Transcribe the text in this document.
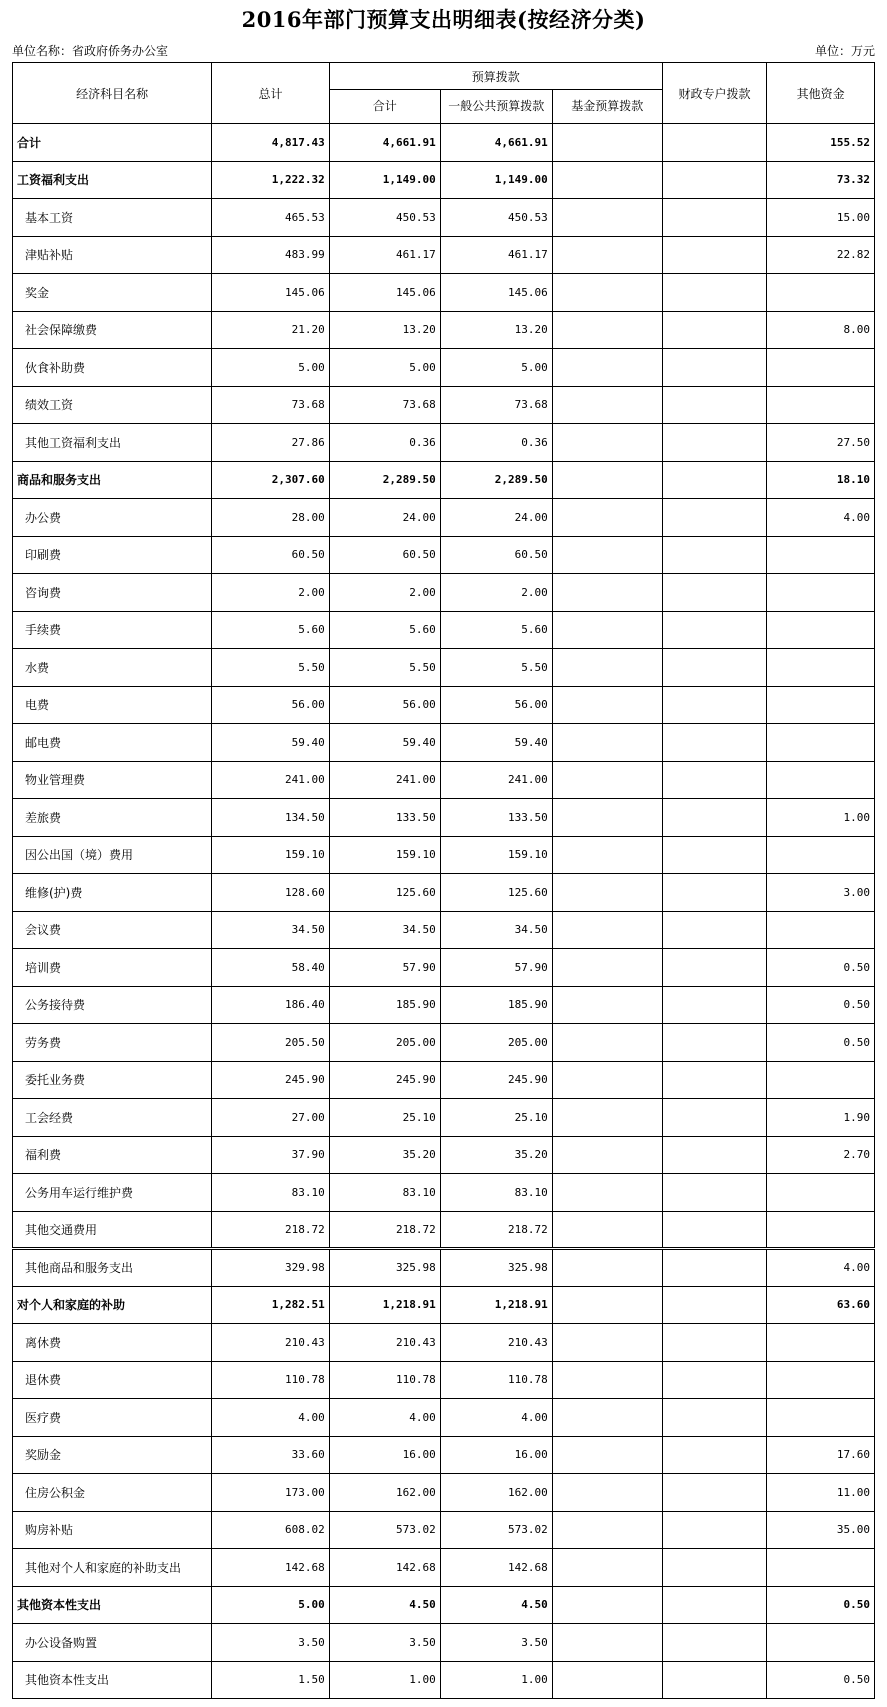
2016年部门预算支出明细表(按经济分类)
单位名称：省政府侨务办公室	单位：万元
经济科目名称	总计	预算拨款			财政专户拨款	其他资金
		合计	一般公共预算拨款	基金预算拨款		
合计	4,817.43	4,661.91	4,661.91			155.52
工资福利支出	1,222.32	1,149.00	1,149.00			73.32
基本工资	465.53	450.53	450.53			15.00
津贴补贴	483.99	461.17	461.17			22.82
奖金	145.06	145.06	145.06			
社会保障缴费	21.20	13.20	13.20			8.00
伙食补助费	5.00	5.00	5.00			
绩效工资	73.68	73.68	73.68			
其他工资福利支出	27.86	0.36	0.36			27.50
商品和服务支出	2,307.60	2,289.50	2,289.50			18.10
办公费	28.00	24.00	24.00			4.00
印刷费	60.50	60.50	60.50			
咨询费	2.00	2.00	2.00			
手续费	5.60	5.60	5.60			
水费	5.50	5.50	5.50			
电费	56.00	56.00	56.00			
邮电费	59.40	59.40	59.40			
物业管理费	241.00	241.00	241.00			
差旅费	134.50	133.50	133.50			1.00
因公出国（境）费用	159.10	159.10	159.10			
维修(护)费	128.60	125.60	125.60			3.00
会议费	34.50	34.50	34.50			
培训费	58.40	57.90	57.90			0.50
公务接待费	186.40	185.90	185.90			0.50
劳务费	205.50	205.00	205.00			0.50
委托业务费	245.90	245.90	245.90			
工会经费	27.00	25.10	25.10			1.90
福利费	37.90	35.20	35.20			2.70
公务用车运行维护费	83.10	83.10	83.10			
其他交通费用	218.72	218.72	218.72			
其他商品和服务支出	329.98	325.98	325.98			4.00
对个人和家庭的补助	1,282.51	1,218.91	1,218.91			63.60
离休费	210.43	210.43	210.43			
退休费	110.78	110.78	110.78			
医疗费	4.00	4.00	4.00			
奖励金	33.60	16.00	16.00			17.60
住房公积金	173.00	162.00	162.00			11.00
购房补贴	608.02	573.02	573.02			35.00
其他对个人和家庭的补助支出	142.68	142.68	142.68			
其他资本性支出	5.00	4.50	4.50			0.50
办公设备购置	3.50	3.50	3.50			
其他资本性支出	1.50	1.00	1.00			0.50
